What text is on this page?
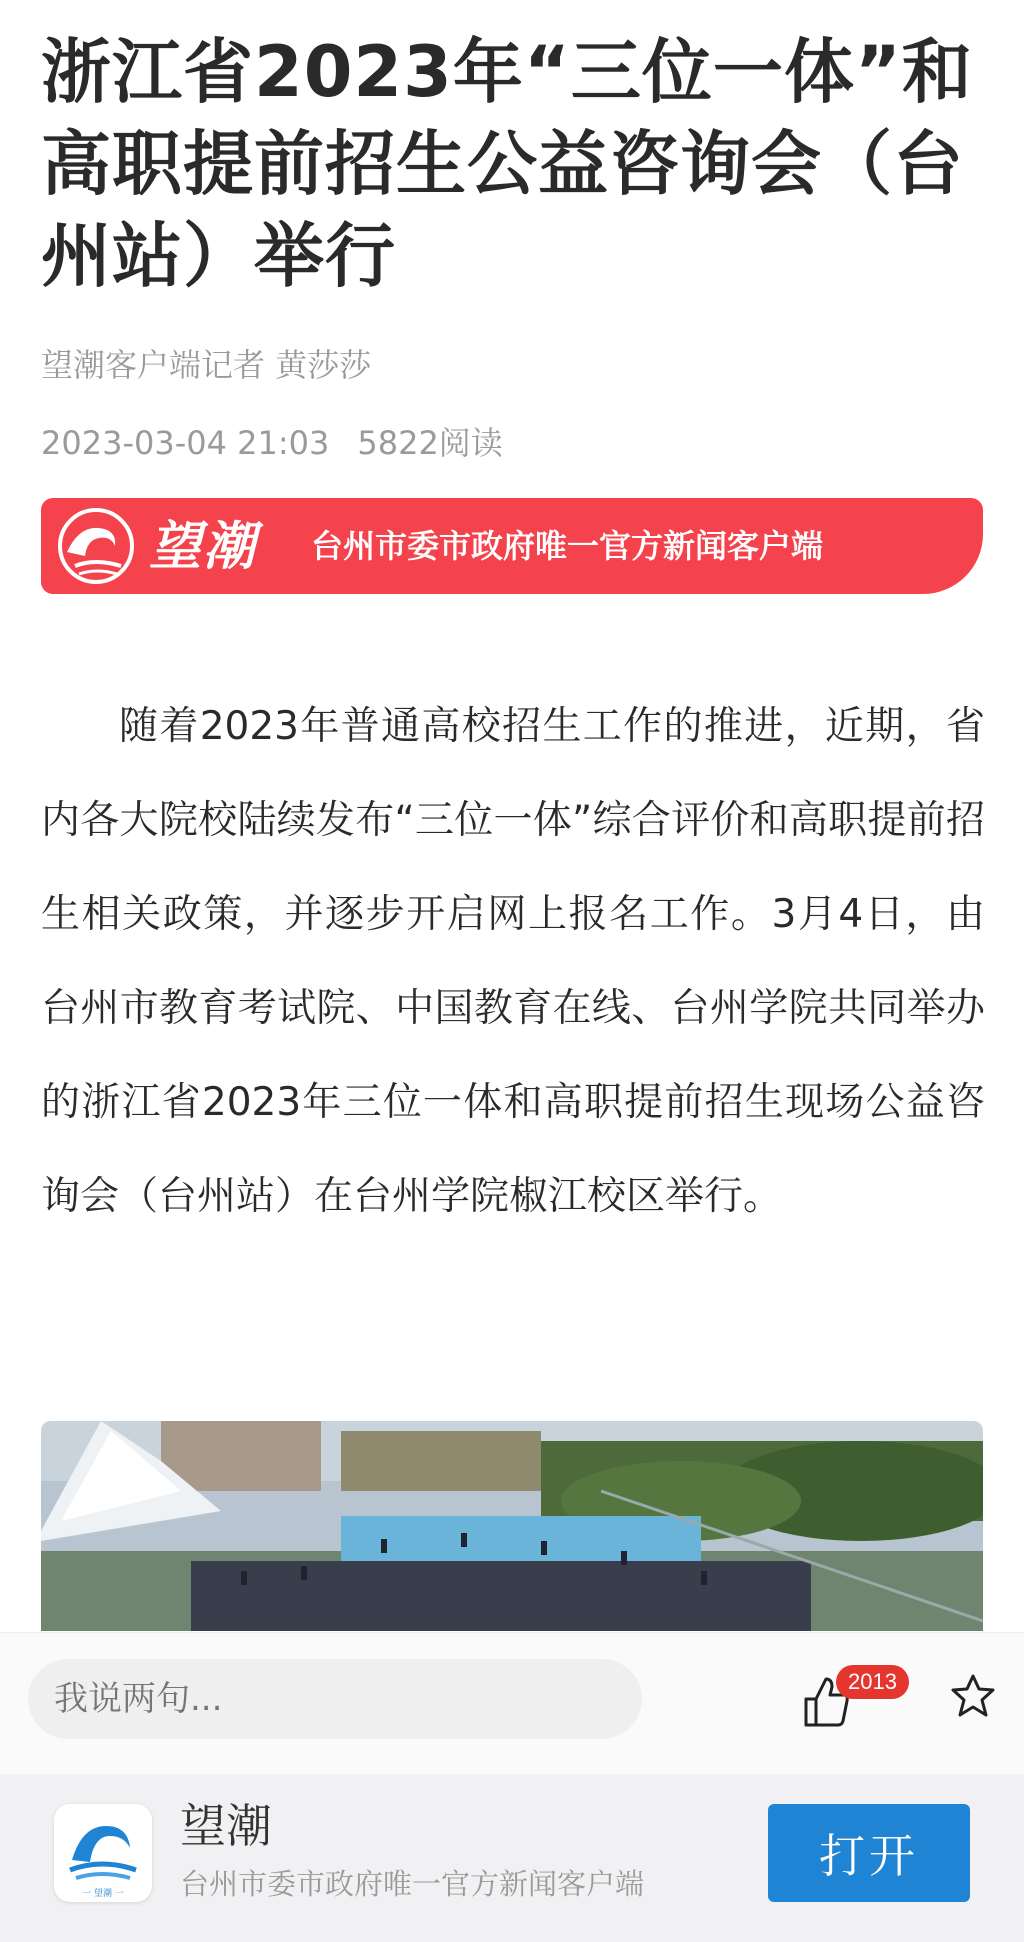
浙江省2023年“三位一体”和高职提前招生公益咨询会（台州站）举行
望潮客户端记者 黄莎莎
2023-03-04 21:03 5822阅读
望潮 台州市委市政府唯一官方新闻客户端

随着2023年普通高校招生工作的推进，近期，省内各大院校陆续发布“三位一体”综合评价和高职提前招生相关政策，并逐步开启网上报名工作。3月4日，由台州市教育考试院、中国教育在线、台州学院共同举办的浙江省2023年三位一体和高职提前招生现场公益咨询会（台州站）在台州学院椒江校区举行。

我说两句...
2013
一 望潮 一
望潮
台州市委市政府唯一官方新闻客户端
打开
